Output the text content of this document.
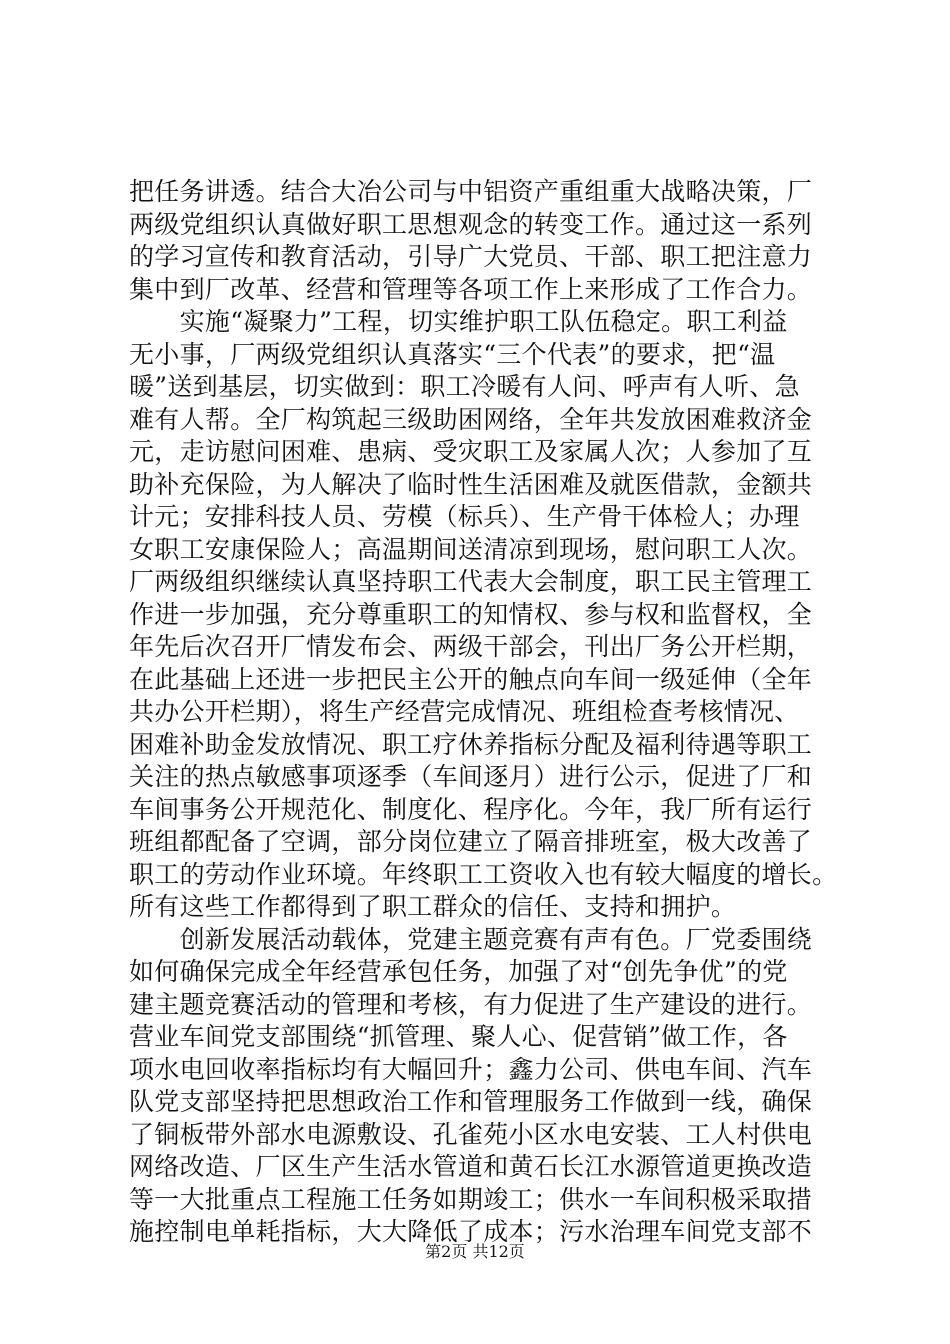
把任务讲透。结合大冶公司与中铝资产重组重大战略决策，厂
两级党组织认真做好职工思想观念的转变工作。通过这一系列
的学习宣传和教育活动，引导广大党员、干部、职工把注意力
集中到厂改革、经营和管理等各项工作上来形成了工作合力。
　　实施“凝聚力”工程，切实维护职工队伍稳定。职工利益
无小事，厂两级党组织认真落实“三个代表”的要求，把“温
暖”送到基层，切实做到：职工冷暖有人问、呼声有人听、急
难有人帮。全厂构筑起三级助困网络，全年共发放困难救济金
元，走访慰问困难、患病、受灾职工及家属人次；人参加了互
助补充保险，为人解决了临时性生活困难及就医借款，金额共
计元；安排科技人员、劳模（标兵）、生产骨干体检人；办理
女职工安康保险人；高温期间送清凉到现场，慰问职工人次。
厂两级组织继续认真坚持职工代表大会制度，职工民主管理工
作进一步加强，充分尊重职工的知情权、参与权和监督权，全
年先后次召开厂情发布会、两级干部会，刊出厂务公开栏期，
在此基础上还进一步把民主公开的触点向车间一级延伸（全年
共办公开栏期），将生产经营完成情况、班组检查考核情况、
困难补助金发放情况、职工疗休养指标分配及福利待遇等职工
关注的热点敏感事项逐季（车间逐月）进行公示，促进了厂和
车间事务公开规范化、制度化、程序化。今年，我厂所有运行
班组都配备了空调，部分岗位建立了隔音排班室，极大改善了
职工的劳动作业环境。年终职工工资收入也有较大幅度的增长。
所有这些工作都得到了职工群众的信任、支持和拥护。
　　创新发展活动载体，党建主题竞赛有声有色。厂党委围绕
如何确保完成全年经营承包任务，加强了对“创先争优”的党
建主题竞赛活动的管理和考核，有力促进了生产建设的进行。
营业车间党支部围绕“抓管理、聚人心、促营销”做工作，各
项水电回收率指标均有大幅回升；鑫力公司、供电车间、汽车
队党支部坚持把思想政治工作和管理服务工作做到一线，确保
了铜板带外部水电源敷设、孔雀苑小区水电安装、工人村供电
网络改造、厂区生产生活水管道和黄石长江水源管道更换改造
等一大批重点工程施工任务如期竣工；供水一车间积极采取措
施控制电单耗指标，大大降低了成本；污水治理车间党支部不
第2页 共12页
